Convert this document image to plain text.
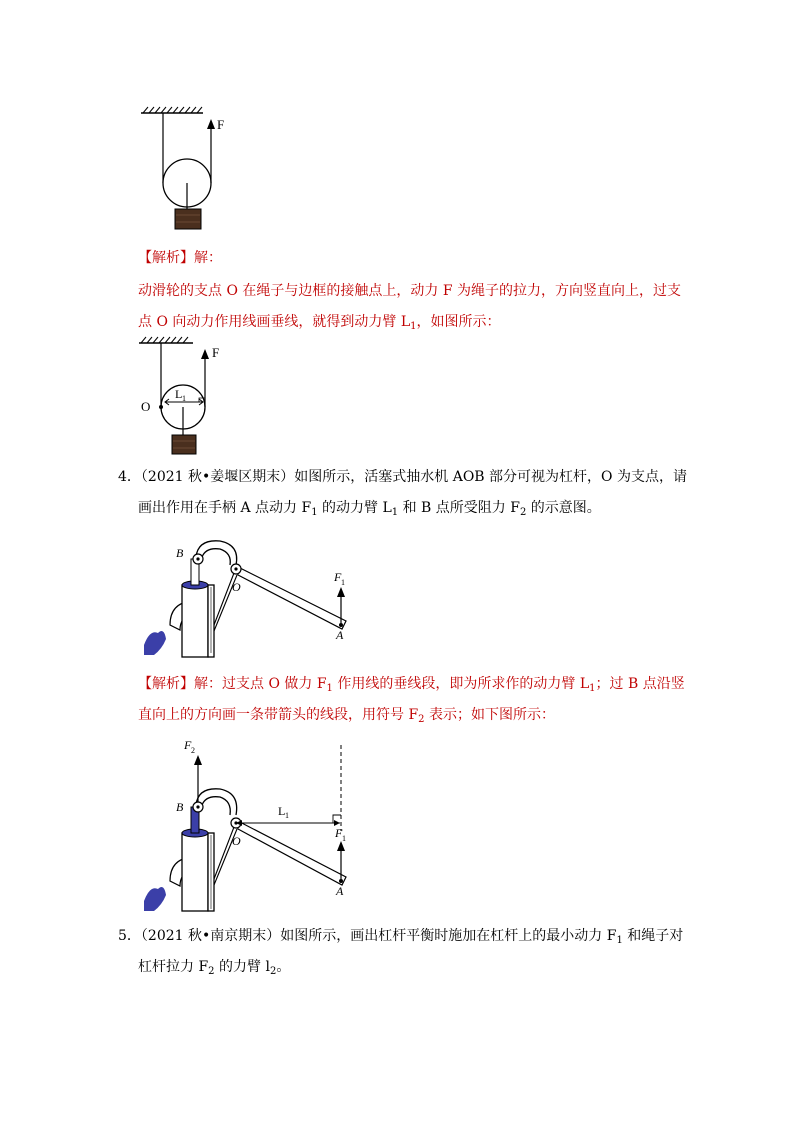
F
【解析】解：
动滑轮的支点 O 在绳子与边框的接触点上，动力 F 为绳子的拉力，方向竖直向上，过支
点 O 向动力作用线画垂线，就得到动力臂 $L_1$，如图所示：
F
O
L 1
4．（2021 秋•姜堰区期末）如图所示，活塞式抽水机 AOB 部分可视为杠杆，O 为支点，请
画出作用在手柄 A 点动力 $F_1$ 的动力臂 $L_1$ 和 B 点所受阻力 $F_2$ 的示意图。
B
O
A
F 1
【解析】解：过支点 O 做力 $F_1$ 作用线的垂线段，即为所求作的动力臂 $L_1$；过 B 点沿竖
直向上的方向画一条带箭头的线段，用符号 $F_2$ 表示；如下图所示：
F 2
B
O
A
L 1
F 1
5．（2021 秋•南京期末）如图所示，画出杠杆平衡时施加在杠杆上的最小动力 $F_1$ 和绳子对
杠杆拉力 $F_2$ 的力臂 $l_2$。
